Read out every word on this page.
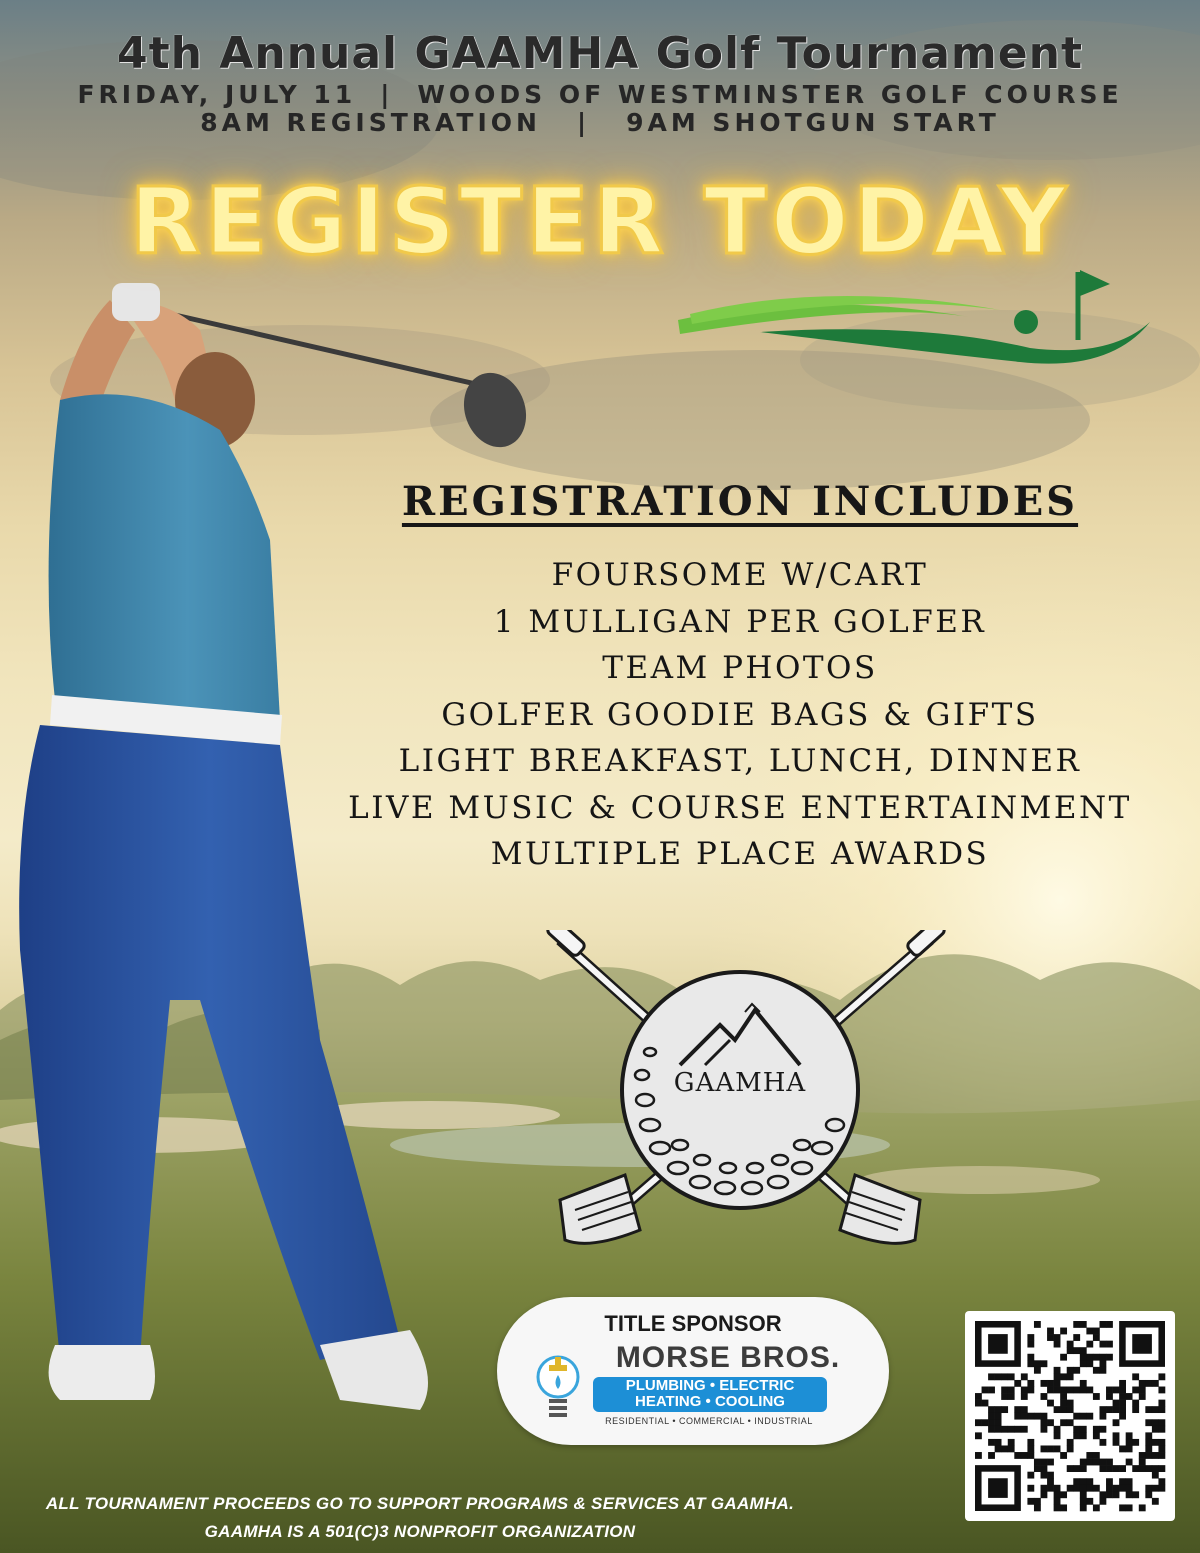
4th Annual GAAMHA Golf Tournament
FRIDAY, JULY 11 | WOODS OF WESTMINSTER GOLF COURSE
8AM REGISTRATION | 9AM SHOTGUN START
REGISTER TODAY
REGISTRATION INCLUDES
FOURSOME W/CART
1 MULLIGAN PER GOLFER
TEAM PHOTOS
GOLFER GOODIE BAGS & GIFTS
LIGHT BREAKFAST, LUNCH, DINNER
LIVE MUSIC & COURSE ENTERTAINMENT
MULTIPLE PLACE AWARDS
GAAMHA
TITLE SPONSOR
MORSE BROS.
PLUMBING • ELECTRIC
HEATING • COOLING
RESIDENTIAL • COMMERCIAL • INDUSTRIAL
ALL TOURNAMENT PROCEEDS GO TO SUPPORT PROGRAMS & SERVICES AT GAAMHA.
GAAMHA IS A 501(C)3 NONPROFIT ORGANIZATION
